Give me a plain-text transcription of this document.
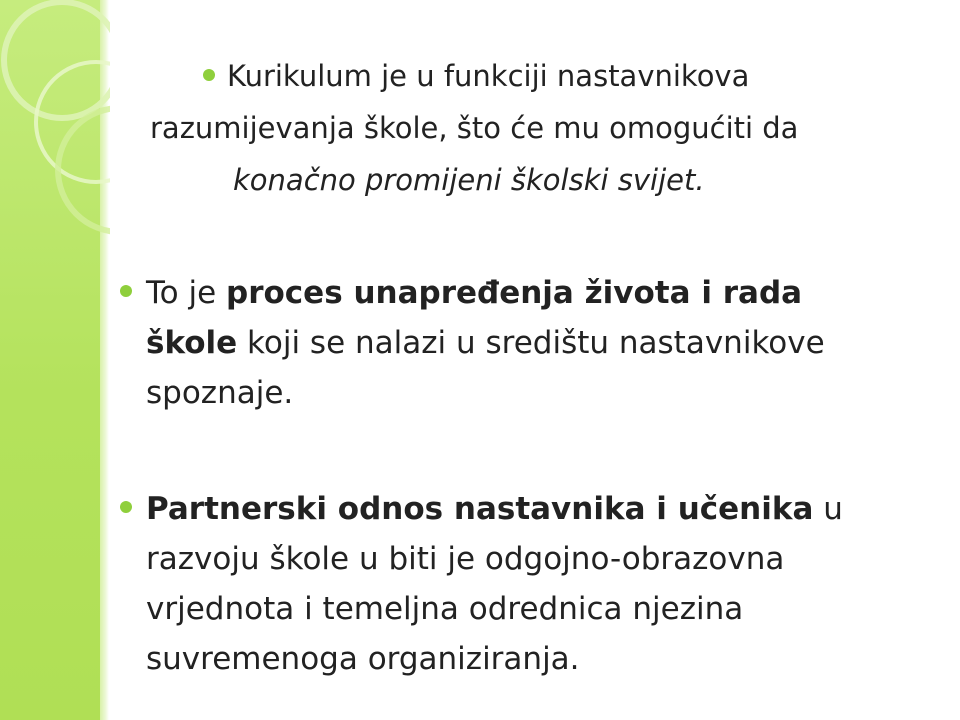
Kurikulum je u funkciji nastavnikova
razumijevanja škole, što će mu omogućiti da
konačno promijeni školski svijet.
To je proces unapređenja života i rada
škole koji se nalazi u središtu nastavnikove
spoznaje.
Partnerski odnos nastavnika i učenika u
razvoju škole u biti je odgojno-obrazovna
vrjednota i temeljna odrednica njezina
suvremenoga organiziranja.
